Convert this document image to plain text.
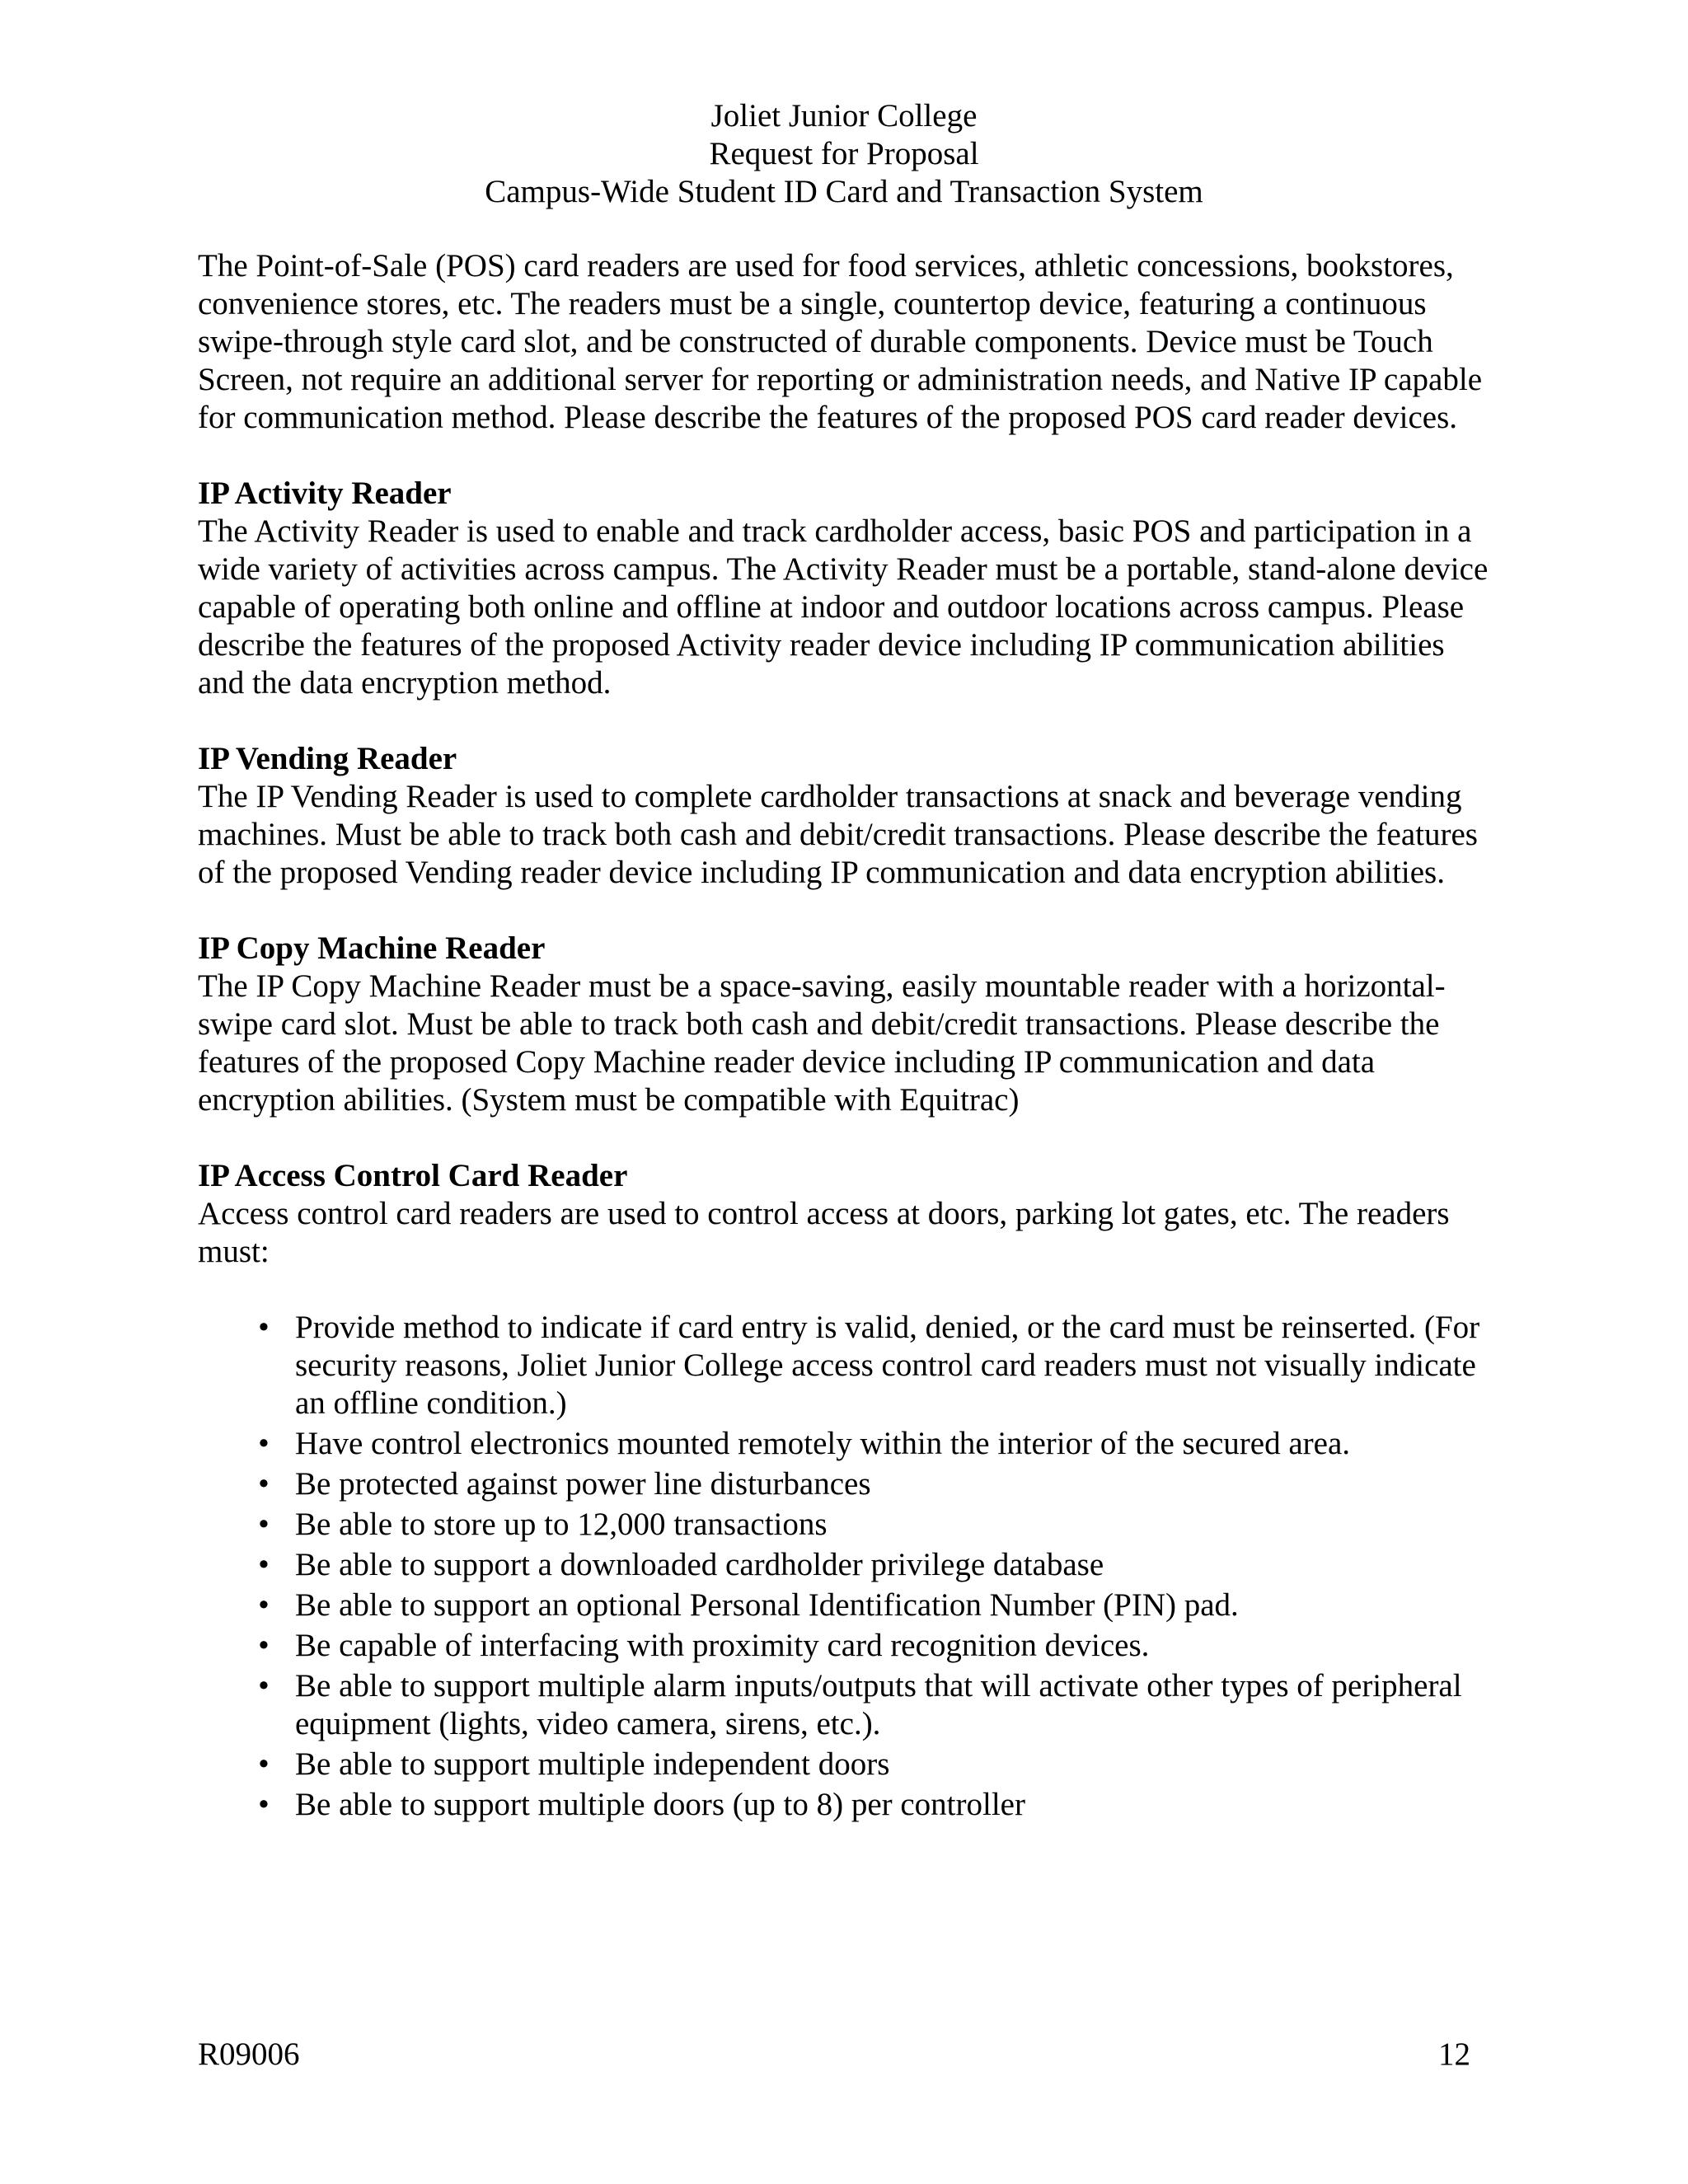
Joliet Junior College
Request for Proposal
Campus-Wide Student ID Card and Transaction System

The Point-of-Sale (POS) card readers are used for food services, athletic concessions, bookstores, convenience stores, etc. The readers must be a single, countertop device, featuring a continuous swipe-through style card slot, and be constructed of durable components. Device must be Touch Screen, not require an additional server for reporting or administration needs, and Native IP capable for communication method. Please describe the features of the proposed POS card reader devices.

IP Activity Reader

The Activity Reader is used to enable and track cardholder access, basic POS and participation in a wide variety of activities across campus. The Activity Reader must be a portable, stand-alone device capable of operating both online and offline at indoor and outdoor locations across campus. Please describe the features of the proposed Activity reader device including IP communication abilities and the data encryption method.

IP Vending Reader

The IP Vending Reader is used to complete cardholder transactions at snack and beverage vending machines. Must be able to track both cash and debit/credit transactions. Please describe the features of the proposed Vending reader device including IP communication and data encryption abilities.

IP Copy Machine Reader

The IP Copy Machine Reader must be a space-saving, easily mountable reader with a horizontal-swipe card slot. Must be able to track both cash and debit/credit transactions. Please describe the features of the proposed Copy Machine reader device including IP communication and data encryption abilities. (System must be compatible with Equitrac)

IP Access Control Card Reader

Access control card readers are used to control access at doors, parking lot gates, etc. The readers must:

• Provide method to indicate if card entry is valid, denied, or the card must be reinserted. (For security reasons, Joliet Junior College access control card readers must not visually indicate an offline condition.)
• Have control electronics mounted remotely within the interior of the secured area.
• Be protected against power line disturbances
• Be able to store up to 12,000 transactions
• Be able to support a downloaded cardholder privilege database
• Be able to support an optional Personal Identification Number (PIN) pad.
• Be capable of interfacing with proximity card recognition devices.
• Be able to support multiple alarm inputs/outputs that will activate other types of peripheral equipment (lights, video camera, sirens, etc.).
• Be able to support multiple independent doors
• Be able to support multiple doors (up to 8) per controller
R09006	12
